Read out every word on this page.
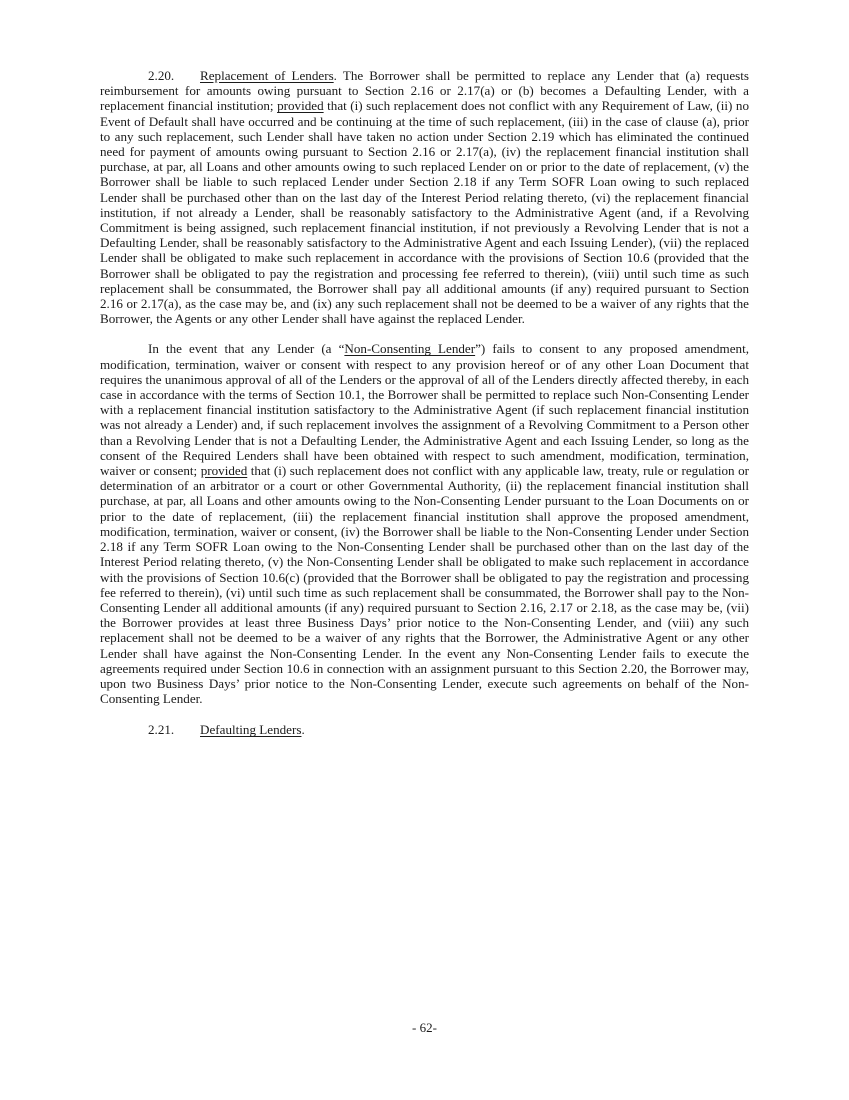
2.20. Replacement of Lenders. The Borrower shall be permitted to replace any Lender that (a) requests reimbursement for amounts owing pursuant to Section 2.16 or 2.17(a) or (b) becomes a Defaulting Lender, with a replacement financial institution; provided that (i) such replacement does not conflict with any Requirement of Law, (ii) no Event of Default shall have occurred and be continuing at the time of such replacement, (iii) in the case of clause (a), prior to any such replacement, such Lender shall have taken no action under Section 2.19 which has eliminated the continued need for payment of amounts owing pursuant to Section 2.16 or 2.17(a), (iv) the replacement financial institution shall purchase, at par, all Loans and other amounts owing to such replaced Lender on or prior to the date of replacement, (v) the Borrower shall be liable to such replaced Lender under Section 2.18 if any Term SOFR Loan owing to such replaced Lender shall be purchased other than on the last day of the Interest Period relating thereto, (vi) the replacement financial institution, if not already a Lender, shall be reasonably satisfactory to the Administrative Agent (and, if a Revolving Commitment is being assigned, such replacement financial institution, if not previously a Revolving Lender that is not a Defaulting Lender, shall be reasonably satisfactory to the Administrative Agent and each Issuing Lender), (vii) the replaced Lender shall be obligated to make such replacement in accordance with the provisions of Section 10.6 (provided that the Borrower shall be obligated to pay the registration and processing fee referred to therein), (viii) until such time as such replacement shall be consummated, the Borrower shall pay all additional amounts (if any) required pursuant to Section 2.16 or 2.17(a), as the case may be, and (ix) any such replacement shall not be deemed to be a waiver of any rights that the Borrower, the Agents or any other Lender shall have against the replaced Lender.

In the event that any Lender (a “Non-Consenting Lender”) fails to consent to any proposed amendment, modification, termination, waiver or consent with respect to any provision hereof or of any other Loan Document that requires the unanimous approval of all of the Lenders or the approval of all of the Lenders directly affected thereby, in each case in accordance with the terms of Section 10.1, the Borrower shall be permitted to replace such Non-Consenting Lender with a replacement financial institution satisfactory to the Administrative Agent (if such replacement financial institution was not already a Lender) and, if such replacement involves the assignment of a Revolving Commitment to a Person other than a Revolving Lender that is not a Defaulting Lender, the Administrative Agent and each Issuing Lender, so long as the consent of the Required Lenders shall have been obtained with respect to such amendment, modification, termination, waiver or consent; provided that (i) such replacement does not conflict with any applicable law, treaty, rule or regulation or determination of an arbitrator or a court or other Governmental Authority, (ii) the replacement financial institution shall purchase, at par, all Loans and other amounts owing to the Non-Consenting Lender pursuant to the Loan Documents on or prior to the date of replacement, (iii) the replacement financial institution shall approve the proposed amendment, modification, termination, waiver or consent, (iv) the Borrower shall be liable to the Non-Consenting Lender under Section 2.18 if any Term SOFR Loan owing to the Non-Consenting Lender shall be purchased other than on the last day of the Interest Period relating thereto, (v) the Non-Consenting Lender shall be obligated to make such replacement in accordance with the provisions of Section 10.6(c) (provided that the Borrower shall be obligated to pay the registration and processing fee referred to therein), (vi) until such time as such replacement shall be consummated, the Borrower shall pay to the Non-Consenting Lender all additional amounts (if any) required pursuant to Section 2.16, 2.17 or 2.18, as the case may be, (vii) the Borrower provides at least three Business Days’ prior notice to the Non-Consenting Lender, and (viii) any such replacement shall not be deemed to be a waiver of any rights that the Borrower, the Administrative Agent or any other Lender shall have against the Non-Consenting Lender. In the event any Non-Consenting Lender fails to execute the agreements required under Section 10.6 in connection with an assignment pursuant to this Section 2.20, the Borrower may, upon two Business Days’ prior notice to the Non-Consenting Lender, execute such agreements on behalf of the Non-Consenting Lender.

2.21. Defaulting Lenders.

- 62-
